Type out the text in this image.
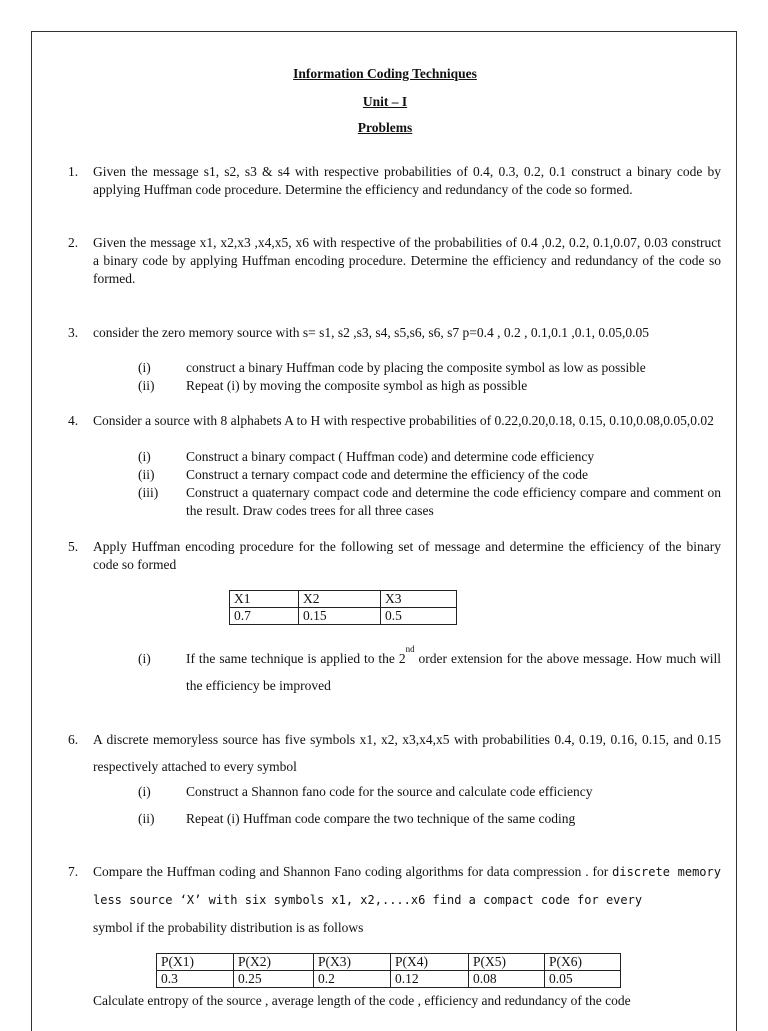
Information Coding Techniques
Unit – I
Problems
1.	Given the message s1, s2, s3 & s4 with respective probabilities of 0.4, 0.3, 0.2, 0.1 construct a binary code by applying Huffman code procedure. Determine the efficiency and redundancy of the code so formed.
2.	Given the message x1, x2,x3 ,x4,x5, x6 with respective of the probabilities of 0.4 ,0.2, 0.2, 0.1,0.07, 0.03 construct a binary code by applying Huffman encoding procedure. Determine the efficiency and redundancy of the code so formed.
3.	consider the zero memory source with s= s1, s2 ,s3, s4, s5,s6, s6, s7 p=0.4 , 0.2 , 0.1,0.1 ,0.1, 0.05,0.05
(i)	construct a binary Huffman code by placing the composite symbol as low as possible
(ii)	Repeat (i) by moving the composite symbol as high as possible
4.	Consider a source with 8 alphabets A to H with respective probabilities of 0.22,0.20,0.18, 0.15, 0.10,0.08,0.05,0.02
(i)	Construct a binary compact ( Huffman code) and determine code efficiency
(ii)	Construct a ternary compact code and determine the efficiency of the code
(iii)	Construct a quaternary compact code and determine the code efficiency compare and comment on the result. Draw codes trees for all three cases
5.	Apply Huffman encoding procedure for the following set of message and determine the efficiency of the binary code so formed
X1	X2	X3
0.7	0.15	0.5
(i)	If the same technique is applied to the 2nd order extension for the above message. How much will the efficiency be improved
6.	A discrete memoryless source has five symbols x1, x2, x3,x4,x5 with probabilities 0.4, 0.19, 0.16, 0.15, and 0.15 respectively attached to every symbol
(i)	Construct a Shannon fano code for the source and calculate code efficiency
(ii)	Repeat (i) Huffman code compare the two technique of the same coding
7.	Compare the Huffman coding and Shannon Fano coding algorithms for data compression . for discrete memory less source ‘X’ with six symbols x1, x2,....x6 find a compact code for every
symbol if the probability distribution is as follows
P(X1)	P(X2)	P(X3)	P(X4)	P(X5)	P(X6)
0.3	0.25	0.2	0.12	0.08	0.05
Calculate entropy of the source , average length of the code , efficiency and redundancy of the code
